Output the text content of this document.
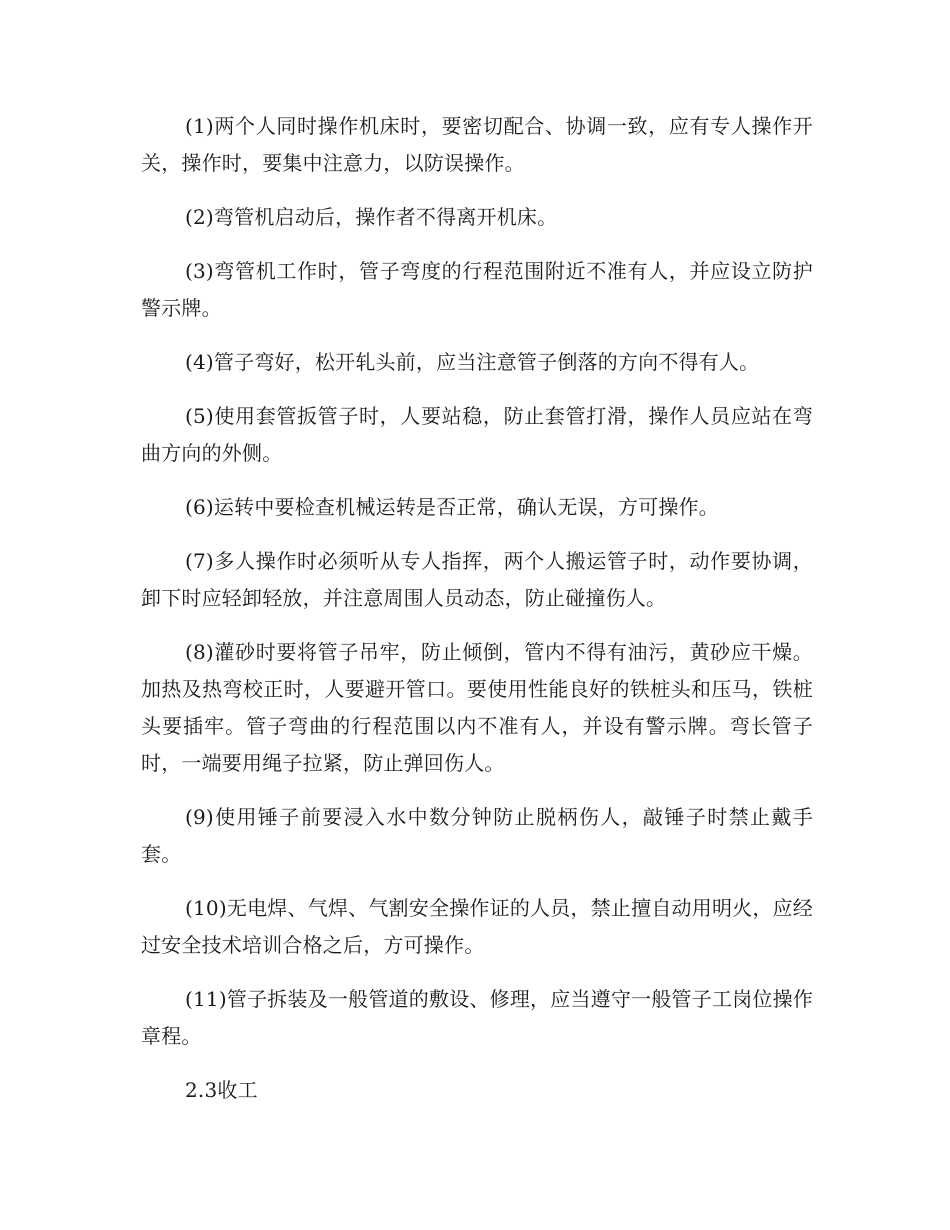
(1)两个人同时操作机床时，要密切配合、协调一致，应有专人操作开关，操作时，要集中注意力，以防误操作。

(2)弯管机启动后，操作者不得离开机床。

(3)弯管机工作时，管子弯度的行程范围附近不准有人，并应设立防护警示牌。

(4)管子弯好，松开轧头前，应当注意管子倒落的方向不得有人。

(5)使用套管扳管子时，人要站稳，防止套管打滑，操作人员应站在弯曲方向的外侧。

(6)运转中要检查机械运转是否正常，确认无误，方可操作。

(7)多人操作时必须听从专人指挥，两个人搬运管子时，动作要协调，卸下时应轻卸轻放，并注意周围人员动态，防止碰撞伤人。

(8)灌砂时要将管子吊牢，防止倾倒，管内不得有油污，黄砂应干燥。加热及热弯校正时，人要避开管口。要使用性能良好的铁桩头和压马，铁桩头要插牢。管子弯曲的行程范围以内不准有人，并设有警示牌。弯长管子时，一端要用绳子拉紧，防止弹回伤人。

(9)使用锤子前要浸入水中数分钟防止脱柄伤人，敲锤子时禁止戴手套。

(10)无电焊、气焊、气割安全操作证的人员，禁止擅自动用明火，应经过安全技术培训合格之后，方可操作。

(11)管子拆装及一般管道的敷设、修理，应当遵守一般管子工岗位操作章程。

2.3收工
